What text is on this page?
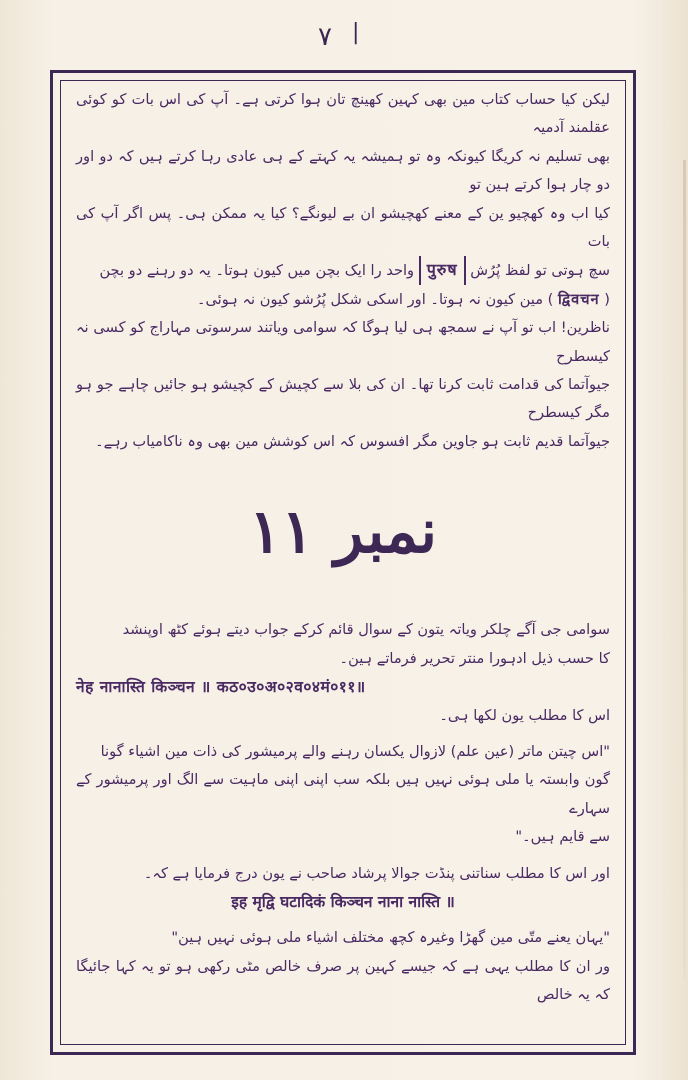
٧ |

لیکن کیا حساب کتاب مین بھی کہین کھینچ تان ہوا کرتی ہے۔ آپ کی اس بات کو کوئی عقلمند آدمیہ

بھی تسلیم نہ کریگا کیونکہ وہ تو ہمیشہ یہ کہتے کے ہی عادی رہا کرتے ہیں کہ دو اور دو چار ہوا کرتے ہین تو

کیا اب وہ کھچیو ین کے معنے کھچیشو ان بے لیونگے؟ کیا یہ ممکن ہی۔ پس اگر آپ کی بات

سچ ہوتی تو لفظ پُرُش पुरुष واحد را ایک بچن میں کیون ہوتا۔ یہ دو رہنے دو بچن

( द्विवचन ) مین کیون نہ ہوتا۔ اور اسکی شکل پُرُشو کیون نہ ہوئی۔

ناظرین! اب تو آپ نے سمجھ ہی لیا ہوگا کہ سوامی ویاتند سرسوتی مہاراج کو کسی نہ کیسطرح

جیوآتما کی قدامت ثابت کرنا تھا۔ ان کی بلا سے کچیش کے کچیشو ہو جائیں چاہے جو ہو مگر کیسطرح

جیوآتما قدیم ثابت ہو جاوین مگر افسوس کہ اس کوشش مین بھی وہ ناکامیاب رہے۔

نمبر ۱۱

سوامی جی آگے چلکر ویاتہ یتون کے سوال قائم کرکے جواب دیتے ہوئے کٹھ اوپنشد

کا حسب ذیل ادہورا منتر تحریر فرماتے ہین۔

नेह नानास्ति किञ्चन ॥ कठ०उ०अ०२व०४मं०११॥

اس کا مطلب یون لکھا ہی۔

"اس چیتن ماتر (عین علم) لازوال یکسان رہنے والے پرمیشور کی ذات مین اشیاء گونا

گون وابستہ یا ملی ہوئی نہیں ہیں بلکہ سب اپنی اپنی ماہیت سے الگ اور پرمیشور کے سہارے

سے قایم ہیں۔"

اور اس کا مطلب سناتنی پنڈت جوالا پرشاد صاحب نے یون درج فرمایا ہے کہ۔

इह मृद्वि घटादिकं किञ्चन नाना नास्ति ॥

"یہان یعنے متّی مین گھڑا وغیرہ کچھ مختلف اشیاء ملی ہوئی نہیں ہین"

ور ان کا مطلب یہی ہے کہ جیسے کہین پر صرف خالص مٹی رکھی ہو تو یہ کہا جائیگا کہ یہ خالص
